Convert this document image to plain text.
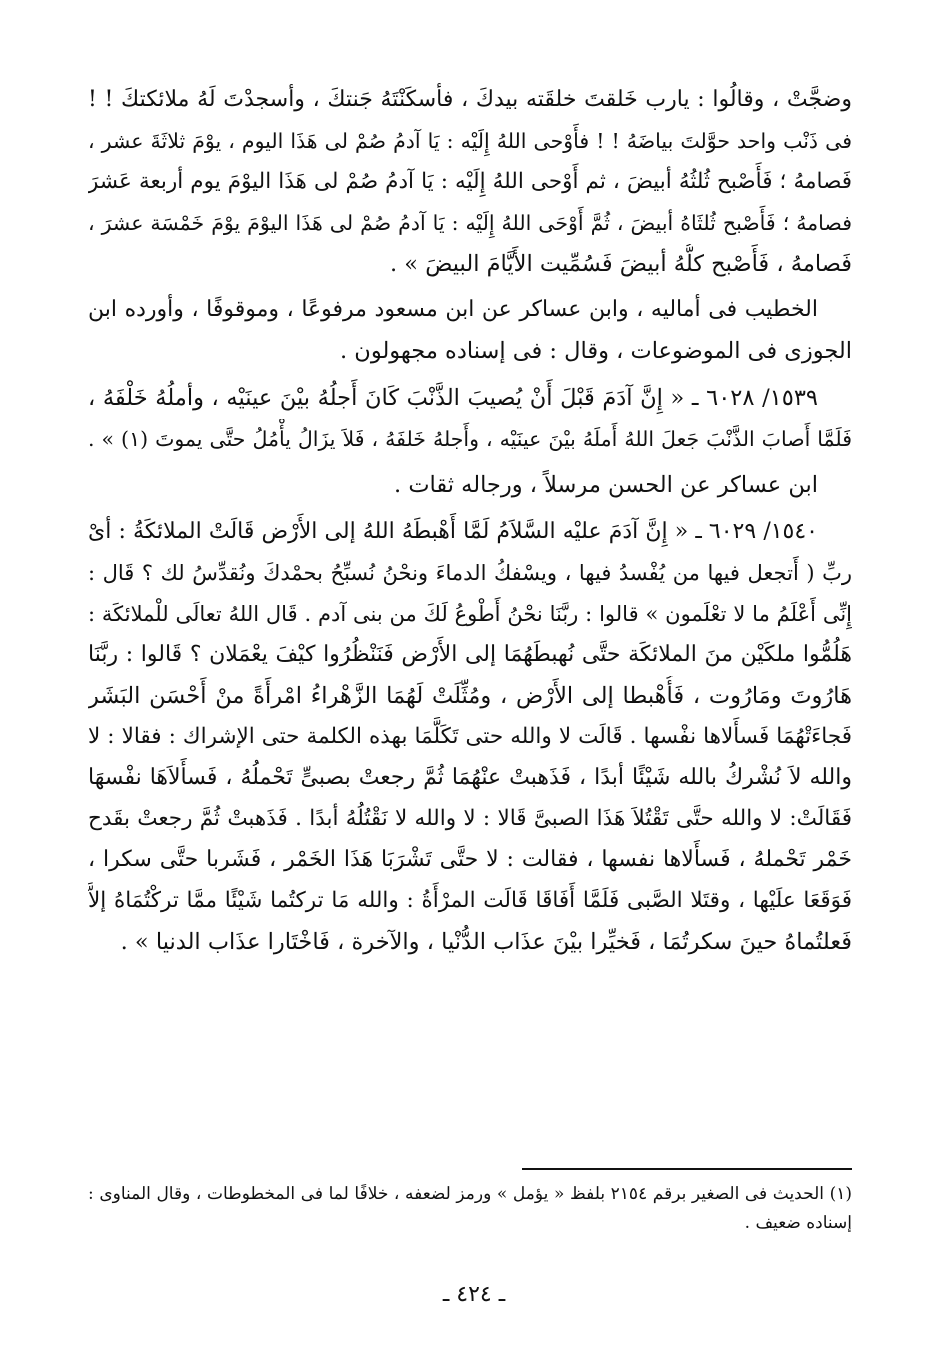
وضجَّتْ ، وقالُوا : يارب خَلقتَ خلقَته بيدكَ ، فأسكَنْتَهُ جَنتكَ ، وأسجدْتَ لَهُ ملائكتكَ ! !
فى ذَنْب واحد حوَّلتَ بياضَهُ ! ! فأَوْحى اللهُ إِلَيْه : يَا آدمُ صُمْ لى هَذَا اليوم ، يوْمَ ثلاثَةَ عشر ،
فَصامهُ ؛ فَأَصْبح ثُلثُهُ أبيضَ ، ثم أَوْحى اللهُ إِلَيْه : يَا آدمُ صُمْ لى هَذَا اليوْمَ يوم أربعة عَشرَ
فصامهُ ؛ فَأَصْبح ثُلثَاهُ أبيضَ ، ثُمَّ أَوْحَى اللهُ إِلَيْه : يَا آدمُ صُمْ لى هَذَا اليوْمَ يوْمَ خَمْسَة عشرَ ،
فَصامهُ ، فَأَصْبح كلُّهُ أبيضَ فَسُمِّيت الأَيَّامَ البيضَ » .
الخطيب فى أماليه ، وابن عساكر عن ابن مسعود مرفوعًا ، وموقوفًا ، وأورده ابن
الجوزى فى الموضوعات ، وقال : فى إسناده مجهولون .
١٥٣٩/ ٦٠٢٨ ـ « إِنَّ آدَمَ قَبْلَ أَنْ يُصيبَ الذَّنْبَ كَانَ أَجلُهُ بيْنَ عينَيْه ، وأملُهُ خَلْفَهُ ،
فَلَمَّا أَصابَ الذَّنْبَ جَعلَ اللهُ أَملَهُ بيْنَ عينَيْه ، وأَجلهُ خَلفَهُ ، فَلاَ يزَالُ يأْمُلُ حتَّى يموتَ (١) » .
ابن عساكر عن الحسن مرسلاً ، ورجاله ثقات .
١٥٤٠/ ٦٠٢٩ ـ « إِنَّ آدَمَ عليْه السَّلاَمُ لَمَّا أَهْبطَهُ اللهُ إلى الأَرْض قَالَتْ الملائكَةُ : أىْ
ربِّ ( أَتجعل فيها من يُفْسدُ فيها ، ويسْفكُ الدماءَ ونحْنُ نُسبِّحُ بحمْدكَ ونُقدِّسُ لك ؟ قَال :
إِنِّى أَعْلَمُ ما لا تعْلَمون » قالوا : ربَّنَا نحْنُ أَطْوعُ لَكَ من بنى آدم . قَال اللهُ تعالَى للْملائكَة :
هَلُمُّوا ملكَيْن منَ الملائكَة حتَّى نُهبطَهُمَا إلى الأَرْض فَنَنْظُرُوا كيْفَ يعْمَلان ؟ قَالوا : ربَّنَا
هَارُوتَ ومَارُوت ، فَأُهْبطا إلى الأَرْض ، ومُثِّلَتْ لَهُمَا الزَّهْراءُ امْرأَةً منْ أَحْسَن البَشَر
فَجاءَتْهُمَا فَسأَلاها نفْسها . قَالَت لا والله حتى تَكَلَّمَا بهذه الكلمة حتى الإشراك : فقالا : لا
والله لاَ نُشْركُ بالله شَيْئًا أبدًا ، فَذَهبتْ عنْهُمَا ثُمَّ رجعتْ بصبىٍّ تَحْملُهُ ، فَسأَلاَهَا نفْسهَا
فَقَالَتْ: لا والله حتَّى تَقْتُلاَ هَذَا الصبىَّ قَالا : لا والله لا نَقْتُلُهُ أبدًا . فَذَهبتْ ثُمَّ رجعتْ بقَدح
خَمْر تَحْملهُ ، فَسأَلاها نفسها ، فقالت : لا حتَّى تَشْرَبَا هَذَا الخَمْر ، فَشَربا حتَّى سكرا ،
فَوَقَعَا علَيْها ، وقتَلا الصَّبى فَلَمَّا أَفَاقَا قَالَت المرْأَةُ : والله مَا تركتُما شَيْئًا ممَّا تركْتُمَاهُ إلاَّ
فَعلتُماهُ حينَ سكرتُمَا ، فَخيِّرا بيْنَ عذَاب الدُّنْيا ، والآخرة ، فَاخْتَارا عذَاب الدنيا » .
(١) الحديث فى الصغير برقم ٢١٥٤ بلفظ « يؤمل » ورمز لضعفه ، خلافًا لما فى المخطوطات ، وقال المناوى :
إسناده ضعيف .
ـ ٤٢٤ ـ
